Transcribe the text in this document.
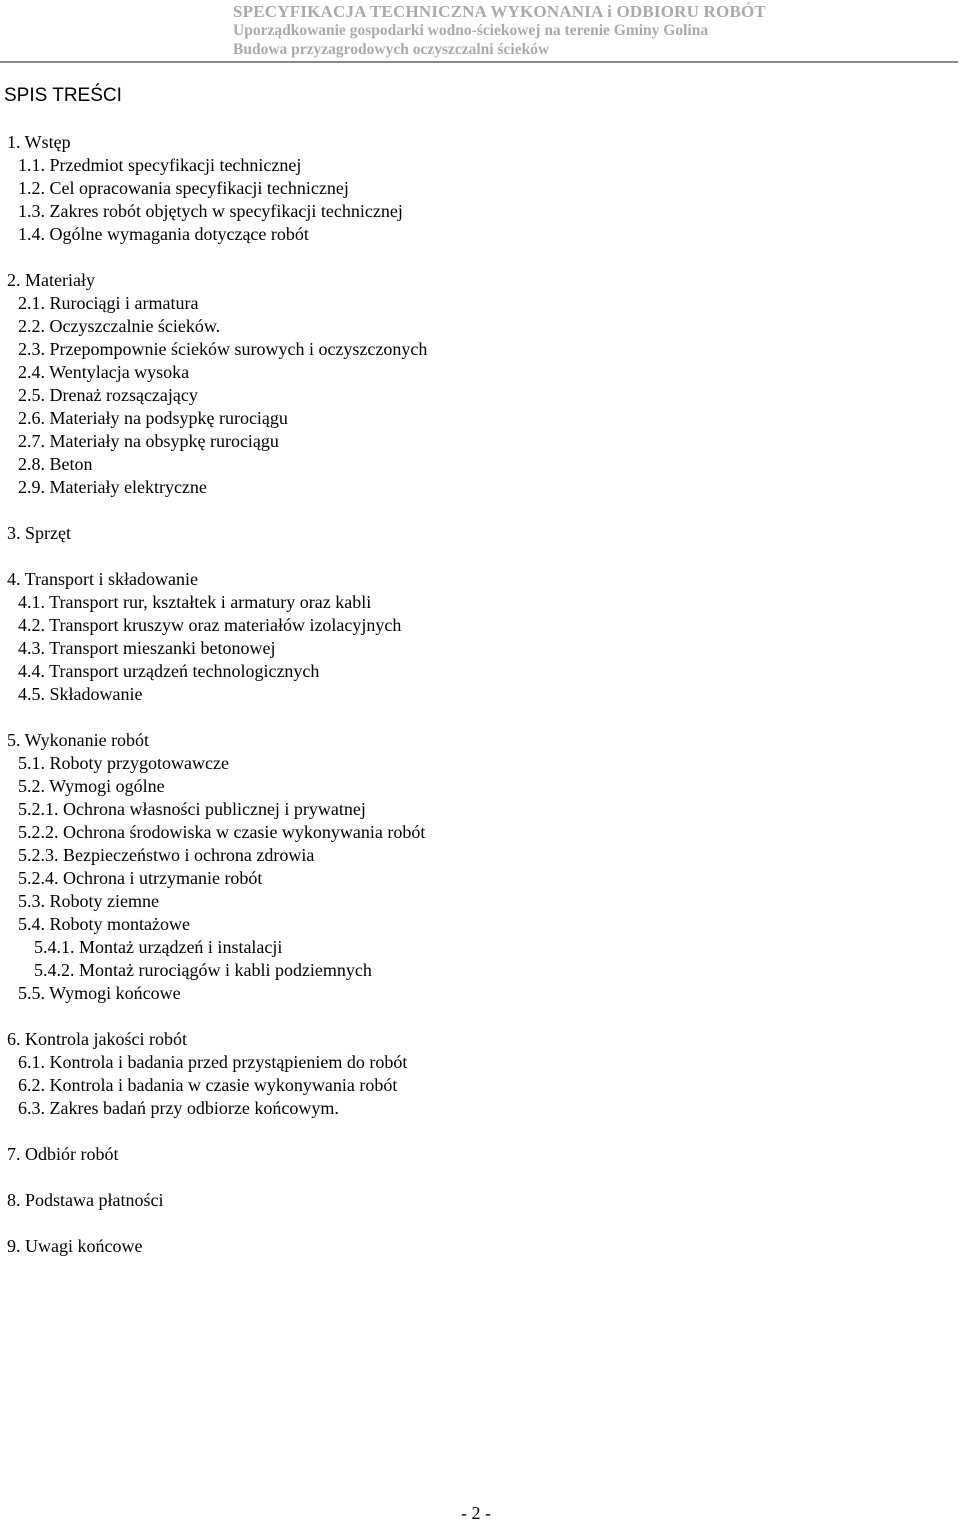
SPECYFIKACJA TECHNICZNA WYKONANIA i ODBIORU ROBÓT
Uporządkowanie gospodarki wodno-ściekowej na terenie Gminy Golina
Budowa przyzagrodowych oczyszczalni ścieków
SPIS TREŚCI
1. Wstęp
1.1. Przedmiot specyfikacji technicznej
1.2. Cel opracowania specyfikacji technicznej
1.3. Zakres robót objętych w specyfikacji technicznej
1.4. Ogólne wymagania dotyczące robót
2. Materiały
2.1. Rurociągi i armatura
2.2. Oczyszczalnie ścieków.
2.3. Przepompownie ścieków surowych i oczyszczonych
2.4. Wentylacja wysoka
2.5. Drenaż rozsączający
2.6. Materiały na podsypkę rurociągu
2.7. Materiały na obsypkę rurociągu
2.8. Beton
2.9. Materiały elektryczne
3. Sprzęt
4. Transport i składowanie
4.1. Transport rur, kształtek i armatury oraz kabli
4.2. Transport kruszyw oraz materiałów izolacyjnych
4.3. Transport mieszanki betonowej
4.4. Transport urządzeń technologicznych
4.5. Składowanie
5. Wykonanie robót
5.1. Roboty przygotowawcze
5.2. Wymogi ogólne
5.2.1. Ochrona własności publicznej i prywatnej
5.2.2. Ochrona środowiska w czasie wykonywania robót
5.2.3. Bezpieczeństwo i ochrona zdrowia
5.2.4. Ochrona i utrzymanie robót
5.3. Roboty ziemne
5.4. Roboty montażowe
5.4.1. Montaż urządzeń i instalacji
5.4.2. Montaż rurociągów i kabli podziemnych
5.5. Wymogi końcowe
6. Kontrola jakości robót
6.1. Kontrola i badania przed przystąpieniem do robót
6.2. Kontrola i badania w czasie wykonywania robót
6.3. Zakres badań przy odbiorze końcowym.
7. Odbiór robót
8. Podstawa płatności
9. Uwagi końcowe
- 2 -
